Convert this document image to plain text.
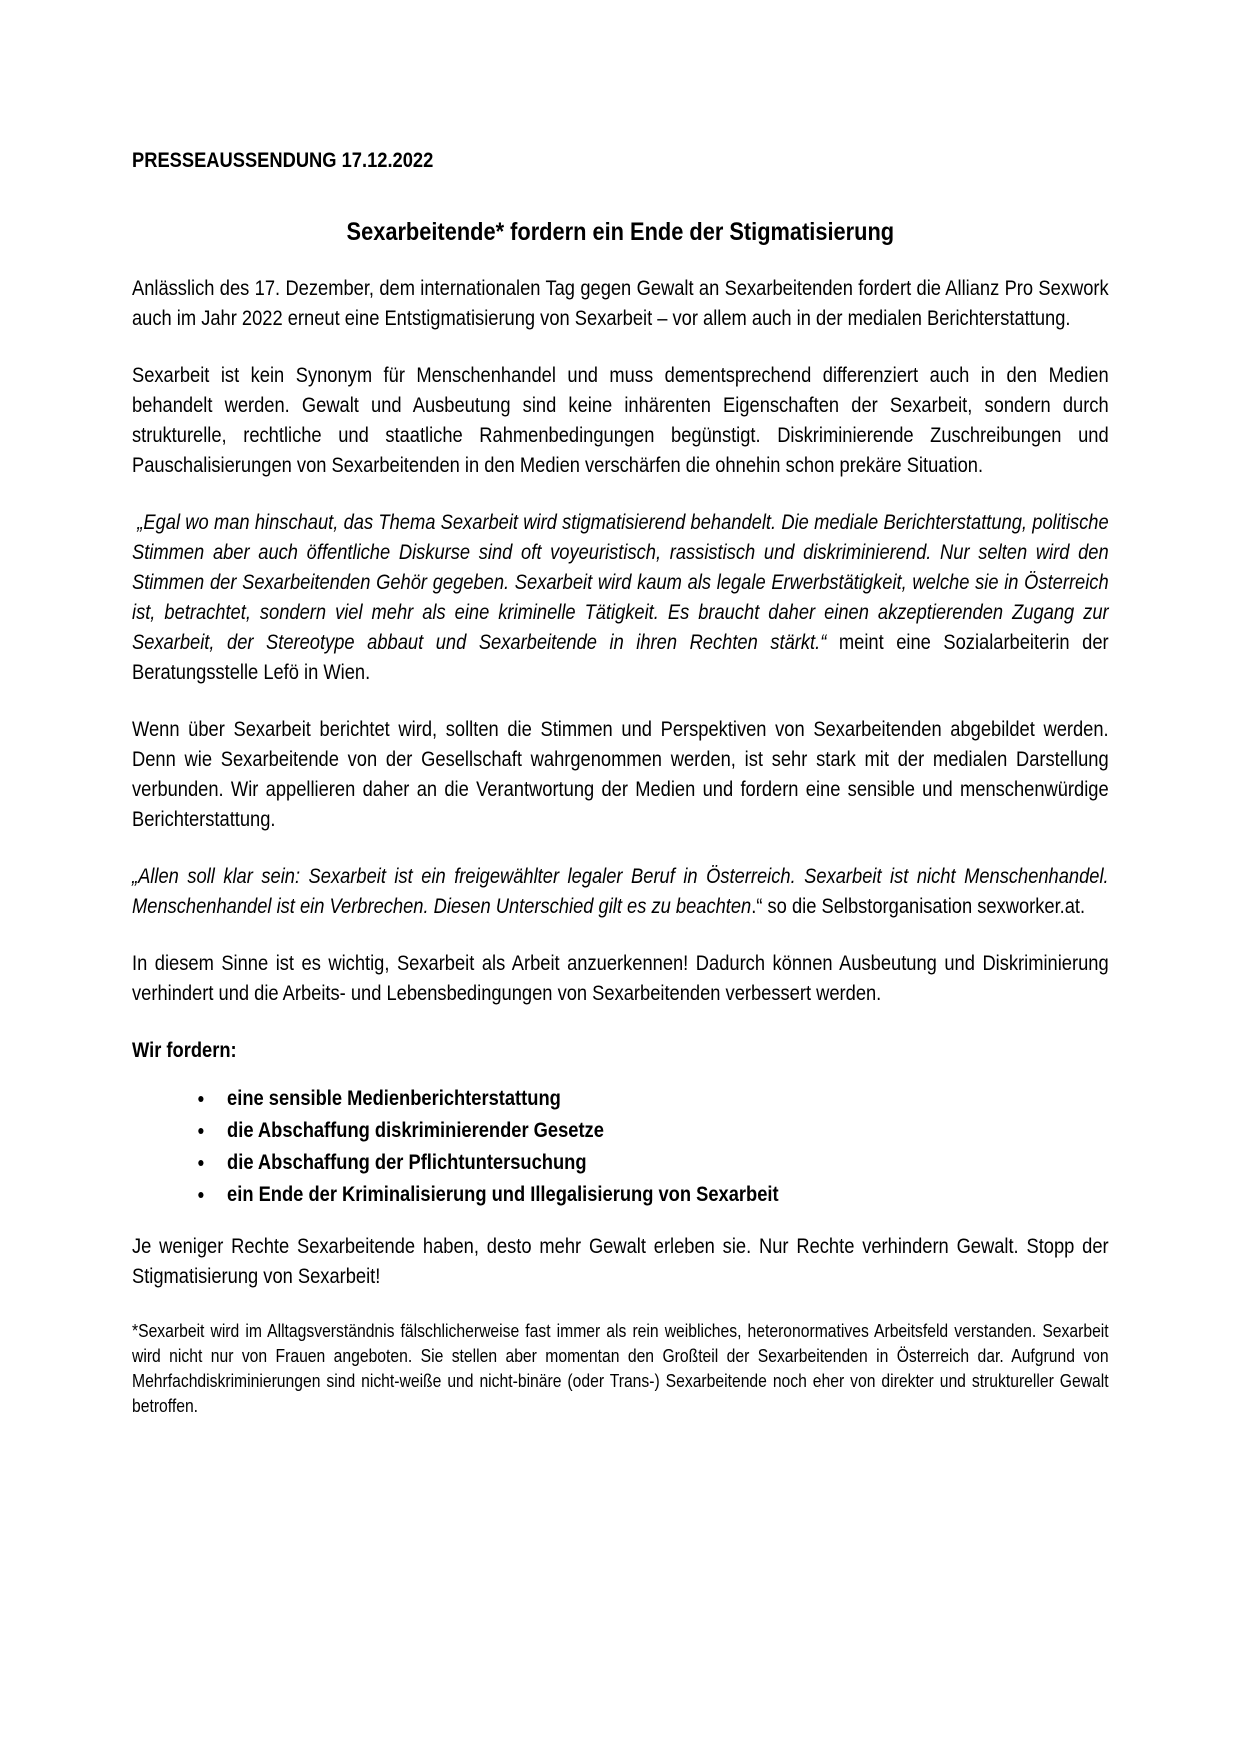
PRESSEAUSSENDUNG 17.12.2022

Sexarbeitende* fordern ein Ende der Stigmatisierung

Anlässlich des 17. Dezember, dem internationalen Tag gegen Gewalt an Sexarbeitenden fordert die Allianz Pro Sexwork auch im Jahr 2022 erneut eine Entstigmatisierung von Sexarbeit – vor allem auch in der medialen Berichterstattung.

Sexarbeit ist kein Synonym für Menschenhandel und muss dementsprechend differenziert auch in den Medien behandelt werden. Gewalt und Ausbeutung sind keine inhärenten Eigenschaften der Sexarbeit, sondern durch strukturelle, rechtliche und staatliche Rahmenbedingungen begünstigt. Diskriminierende Zuschreibungen und Pauschalisierungen von Sexarbeitenden in den Medien verschärfen die ohnehin schon prekäre Situation.

„Egal wo man hinschaut, das Thema Sexarbeit wird stigmatisierend behandelt. Die mediale Berichterstattung, politische Stimmen aber auch öffentliche Diskurse sind oft voyeuristisch, rassistisch und diskriminierend. Nur selten wird den Stimmen der Sexarbeitenden Gehör gegeben. Sexarbeit wird kaum als legale Erwerbstätigkeit, welche sie in Österreich ist, betrachtet, sondern viel mehr als eine kriminelle Tätigkeit. Es braucht daher einen akzeptierenden Zugang zur Sexarbeit, der Stereotype abbaut und Sexarbeitende in ihren Rechten stärkt.“ meint eine Sozialarbeiterin der Beratungsstelle Lefö in Wien.

Wenn über Sexarbeit berichtet wird, sollten die Stimmen und Perspektiven von Sexarbeitenden abgebildet werden. Denn wie Sexarbeitende von der Gesellschaft wahrgenommen werden, ist sehr stark mit der medialen Darstellung verbunden. Wir appellieren daher an die Verantwortung der Medien und fordern eine sensible und menschenwürdige Berichterstattung.

„Allen soll klar sein: Sexarbeit ist ein freigewählter legaler Beruf in Österreich. Sexarbeit ist nicht Menschenhandel. Menschenhandel ist ein Verbrechen. Diesen Unterschied gilt es zu beachten.“ so die Selbstorganisation sexworker.at.

In diesem Sinne ist es wichtig, Sexarbeit als Arbeit anzuerkennen! Dadurch können Ausbeutung und Diskriminierung verhindert und die Arbeits- und Lebensbedingungen von Sexarbeitenden verbessert werden.

Wir fordern:

• eine sensible Medienberichterstattung
• die Abschaffung diskriminierender Gesetze
• die Abschaffung der Pflichtuntersuchung
• ein Ende der Kriminalisierung und Illegalisierung von Sexarbeit

Je weniger Rechte Sexarbeitende haben, desto mehr Gewalt erleben sie. Nur Rechte verhindern Gewalt. Stopp der Stigmatisierung von Sexarbeit!

*Sexarbeit wird im Alltagsverständnis fälschlicherweise fast immer als rein weibliches, heteronormatives Arbeitsfeld verstanden. Sexarbeit wird nicht nur von Frauen angeboten. Sie stellen aber momentan den Großteil der Sexarbeitenden in Österreich dar. Aufgrund von Mehrfachdiskriminierungen sind nicht-weiße und nicht-binäre (oder Trans-) Sexarbeitende noch eher von direkter und struktureller Gewalt betroffen.
